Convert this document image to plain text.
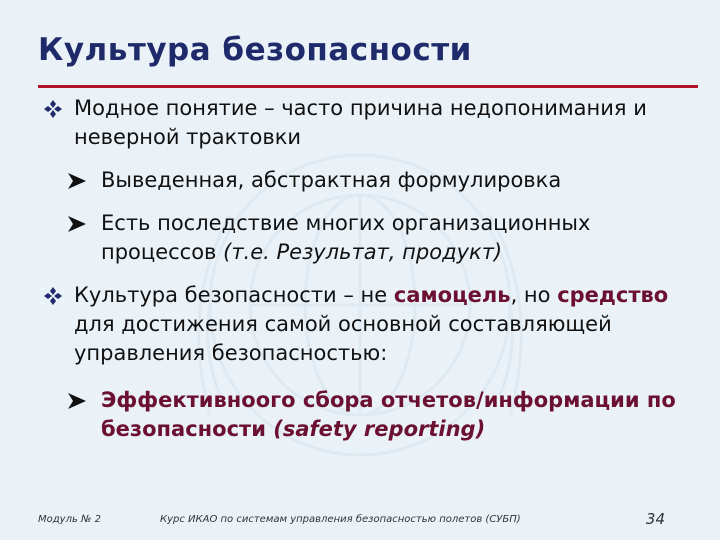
Культура безопасности
Модное понятие – часто причина недопонимания и неверной трактовки
Выведенная, абстрактная формулировка
Есть последствие многих организационных процессов (т.е. Результат, продукт)
Культура безопасности – не самоцель, но средство для достижения самой основной составляющей управления безопасностью:
Эффективноого сбора отчетов/информации по безопасности (safety reporting)
Модуль № 2	Курс ИКАО по системам управления безопасностью полетов (СУБП)	34
